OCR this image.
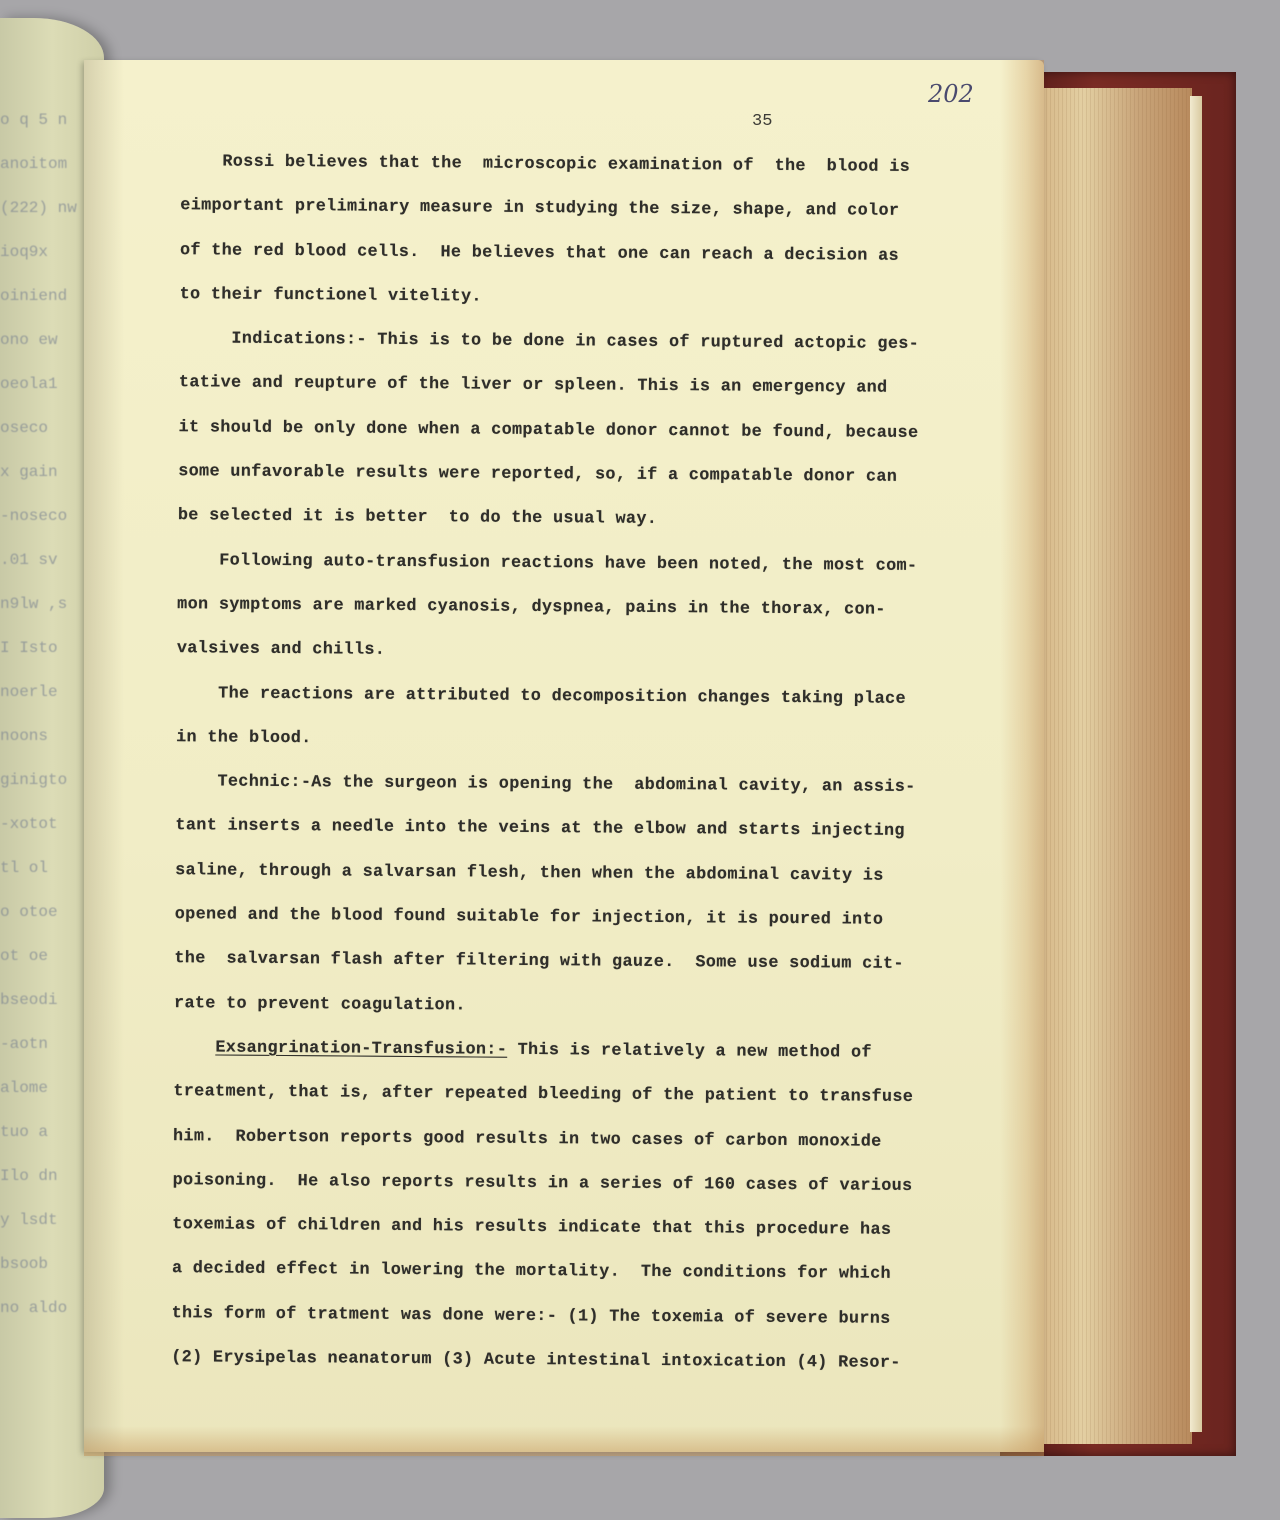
o q 5 n
anoitom
(222) nw
ioq9x
oiniend
ono ew
oeola1
oseco
x gain
-noseco
.01 sv
n9lw ,s
I Isto
noerle
noons
ginigto
-xotot
tl ol
o otoe
ot oe
bseodi
-aotn
alome
tuo a
Ilo dn
y lsdt
bsoob
no aldo
202
35
Rossi believes that the  microscopic examination of  the  blood is
eimportant preliminary measure in studying the size, shape, and color
of the red blood cells.  He believes that one can reach a decision as
to their functionel vitelity.
Indications:- This is to be done in cases of ruptured actopic ges-
tative and reupture of the liver or spleen. This is an emergency and
it should be only done when a compatable donor cannot be found, because
some unfavorable results were reported, so, if a compatable donor can
be selected it is better  to do the usual way.
Following auto-transfusion reactions have been noted, the most com-
mon symptoms are marked cyanosis, dyspnea, pains in the thorax, con-
valsives and chills.
The reactions are attributed to decomposition changes taking place
in the blood.
Technic:-As the surgeon is opening the  abdominal cavity, an assis-
tant inserts a needle into the veins at the elbow and starts injecting
saline, through a salvarsan flesh, then when the abdominal cavity is
opened and the blood found suitable for injection, it is poured into
the  salvarsan flash after filtering with gauze.  Some use sodium cit-
rate to prevent coagulation.
Exsangrination-Transfusion:- This is relatively a new method of
treatment, that is, after repeated bleeding of the patient to transfuse
him.  Robertson reports good results in two cases of carbon monoxide
poisoning.  He also reports results in a series of 160 cases of various
toxemias of children and his results indicate that this procedure has
a decided effect in lowering the mortality.  The conditions for which
this form of tratment was done were:- (1) The toxemia of severe burns
(2) Erysipelas neanatorum (3) Acute intestinal intoxication (4) Resor-
